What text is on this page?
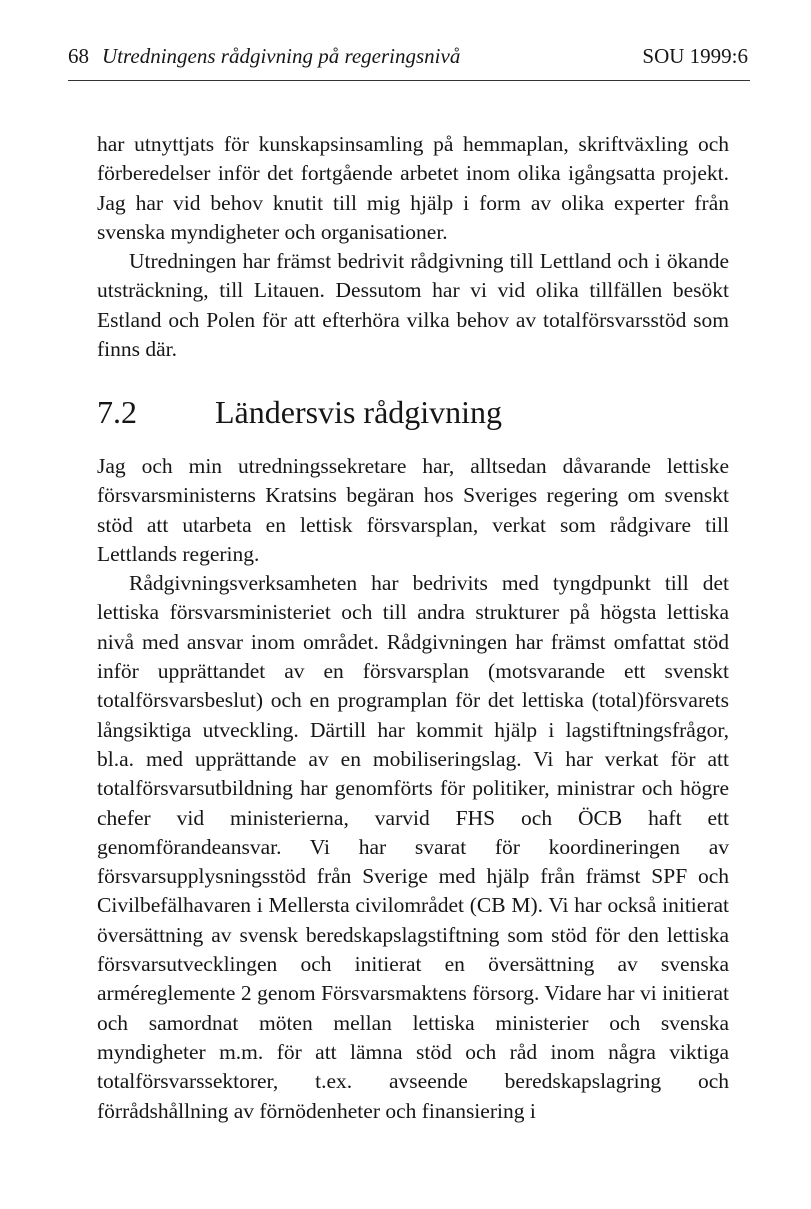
68 Utredningens rådgivning på regeringsnivå	SOU 1999:6

har utnyttjats för kunskapsinsamling på hemmaplan, skriftväxling och förberedelser inför det fortgående arbetet inom olika igångsatta projekt. Jag har vid behov knutit till mig hjälp i form av olika experter från svenska myndigheter och organisationer.

Utredningen har främst bedrivit rådgivning till Lettland och i ökande utsträckning, till Litauen. Dessutom har vi vid olika tillfällen besökt Estland och Polen för att efterhöra vilka behov av totalförsvarsstöd som finns där.

7.2 Ländersvis rådgivning

Jag och min utredningssekretare har, alltsedan dåvarande lettiske försvarsministerns Kratsins begäran hos Sveriges regering om svenskt stöd att utarbeta en lettisk försvarsplan, verkat som rådgivare till Lettlands regering.

Rådgivningsverksamheten har bedrivits med tyngdpunkt till det lettiska försvarsministeriet och till andra strukturer på högsta lettiska nivå med ansvar inom området. Rådgivningen har främst omfattat stöd inför upprättandet av en försvarsplan (motsvarande ett svenskt totalförsvarsbeslut) och en programplan för det lettiska (total)försvarets långsiktiga utveckling. Därtill har kommit hjälp i lagstiftningsfrågor, bl.a. med upprättande av en mobiliseringslag. Vi har verkat för att totalförsvarsutbildning har genomförts för politiker, ministrar och högre chefer vid ministerierna, varvid FHS och ÖCB haft ett genomförandeansvar. Vi har svarat för koordineringen av försvarsupplysningsstöd från Sverige med hjälp från främst SPF och Civilbefälhavaren i Mellersta civilområdet (CB M). Vi har också initierat översättning av svensk beredskapslagstiftning som stöd för den lettiska försvarsutvecklingen och initierat en översättning av svenska arméreglemente 2 genom Försvarsmaktens försorg. Vidare har vi initierat och samordnat möten mellan lettiska ministerier och svenska myndigheter m.m. för att lämna stöd och råd inom några viktiga totalförsvarssektorer, t.ex. avseende beredskapslagring och förrådshållning av förnödenheter och finansiering i
